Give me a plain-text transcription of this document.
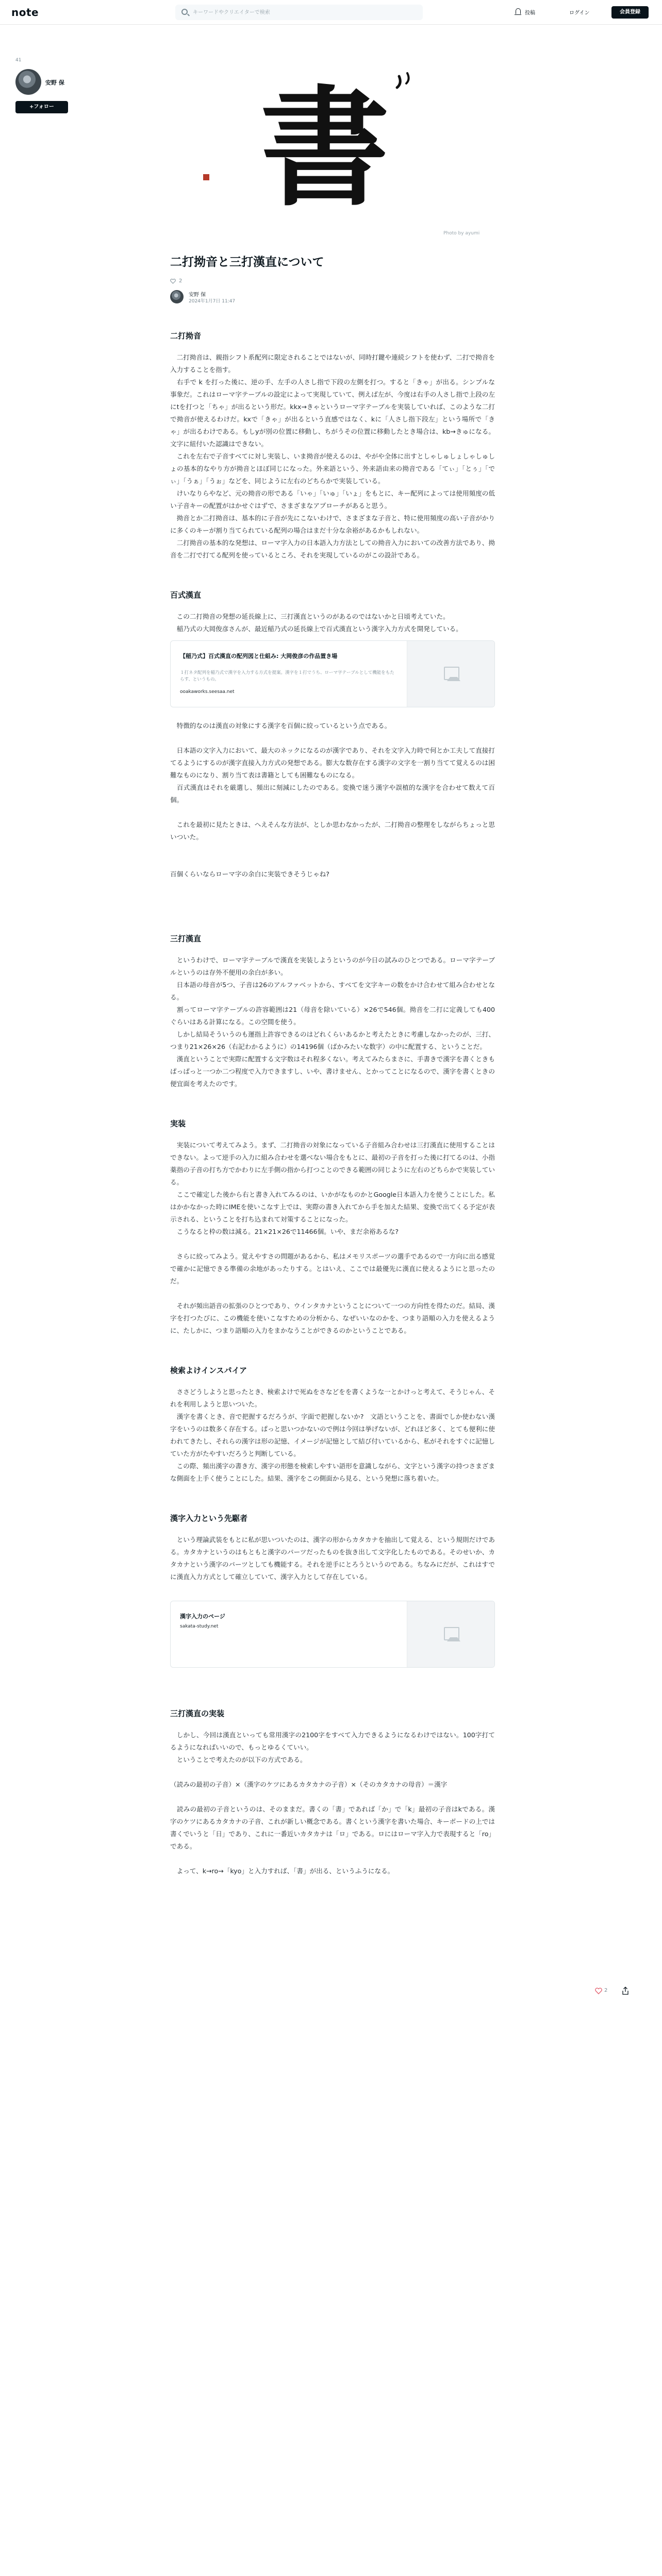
note
キーワードやクリエイターで検索	投稿	ログイン	会員登録
41
安野 保
+フォロー 書
Photo by ayumi
二打拗音と三打漢直について
2
安野 保
2024年1月7日 11:47
二打拗音

　二打拗音は、親指シフト系配列に限定されることではないが、同時打鍵や連続シフトを使わず、二打で拗音を入力することを指す。

　右手で k を打った後に、逆の手、左手の人さし指で下段の左側を打つ。すると「きゃ」が出る。シンプルな事象だ。これはローマ字テーブルの設定によって実現していて、例えば左が、今度は右手の人さし指で上段の左にtを打つと「ちゃ」が出るという形だ。kkx→きゃというローマ字テーブルを実装していれば、このような二打で拗音が使えるわけだ。kxで「きゃ」が出るという直感ではなく、kに「人さし指下段左」という場所で「きゃ」が出るわけである。もしyが別の位置に移動し、ちがうその位置に移動したとき場合は、kb→きゅになる。文字に紐付いた認識はできない。

　これを左右で子音すべてに対し実装し、いま拗音が使えるのは、やがや全体に出すとしゃしゅしょしゃしゅしょの基本的なやり方が拗音とほぼ同じになった。外来語という、外来語由来の拗音である「てぃ」「とぅ」「でぃ」「うぁ」「うぉ」などを、同じように左右のどちらかで実装している。

　けいなりらやなど、元の拗音の形である「いゃ」「いゅ」「いょ」をもとに、キー配列によっては使用頻度の低い子音キーの配置がはかせぐはずで、さまざまなアプローチがあると思う。

　拗音とか二打拗音は、基本的に子音が先にこないわけで、さまざまな子音と、特に使用頻度の高い子音がかりに多くのキーが割り当てられている配列の場合はまだ十分な余裕があるかもしれない。

　二打拗音の基本的な発想は、ローマ字入力の日本語入力方法としての拗音入力においての改善方法であり、拗音を二打で打てる配列を使っているところ、それを実現しているのがこの設計である。

百式漢直

　この二打拗音の発想の延長線上に、三打漢直というのがあるのではないかと日頃考えていた。

　稲乃式の大岡俊彦さんが、最近稲乃式の延長線上で百式漢直という漢字入力方式を開発している。

【稲乃式】百式漢直の配列図と仕組み: 大岡俊彦の作品置き場
１打ネタ配列を稲乃式で漢字を入力する方式を提案。漢字を１打でうち、ローマ字テーブルとして機能をもたらす、というもの。
ooakaworks.seesaa.net

　特徴的なのは漢直の対象にする漢字を百個に絞っているという点である。

　日本語の文字入力において、最大のネックになるのが漢字であり、それを文字入力時で何とか工夫して直接打てるようにするのが漢字直接入力方式の発想である。膨大な数存在する漢字の文字を一割り当てて覚えるのは困難なものになり、割り当て表は書籍としても困難なものになる。

　百式漢直はそれを厳選し、頻出に刻減にしたのである。変換で迷う漢字や誤植的な漢字を合わせて数えて百個。

　これを最初に見たときは、ヘえそんな方法が、としか思わなかったが、二打拗音の整理をしながらちょっと思いついた。

百個くらいならローマ字の余白に実装できそうじゃね?

三打漢直

　というわけで、ローマ字テーブルで漢直を実装しようというのが今日の試みのひとつである。ローマ字テーブルというのは存外不便用の余白が多い。

　日本語の母音が5つ、子音は26のアルファベットから、すべてを文字キーの数をかけ合わせて組み合わせとなる。

　割ってローマ字テーブルの許容範囲は21（母音を除いている）×26で546個。拗音を二打に定義しても400ぐらいはある計算になる。この空間を使う。

　しかし結局そういうのも運指上許容できるのはどれくらいあるかと考えたときに考慮しなかったのが、三打、つまり21×26×26（右記わかるように）の14196個（ばかみたいな数字）の中に配置する、ということだ。

　漢直ということで実際に配置する文字数はそれ程多くない。考えてみたらまさに、手書きで漢字を書くときもぱっぱっと一つか二つ程度で入力できますし、いや、書けません、とかってことになるので、漢字を書くときの便宜面を考えたのです。

実装

　実装について考えてみよう。まず、二打拗音の対象になっている子音組み合わせは三打漢直に使用することはできない。よって逆手の入力に組み合わせを選べない場合をもとに、最初の子音を打った後に打てるのは、小指薬指の子音の打ち方でかわりに左手側の指から打つことのできる範囲の同じように左右のどちらかで実装している。

　ここで確定した後から右と書き入れてみるのは、いかがなものかとGoogle日本語入力を使うことにした。私はかかなかった時にIMEを使いこなす上では、実際の書き入れてから手を加えた結果、変換で出てくる予定が表示される、ということを打ち込まれて対策することになった。

　こうなると枠の数は減る。21×21×26で11466個。いや、まだ余裕あるな?

　さらに絞ってみよう。覚えやすさの問題があるから、私はメモリスポーツの選手であるので一方向に出る感覚で確かに記憶できる準備の余地があったりする。とはいえ、ここでは最優先に漢直に使えるようにと思ったのだ。

　それが頻出語音の拡張のひとつであり、ウインタカナということについて一つの方向性を得たのだ。結局、漢字を打つたびに、この機能を使いこなすための分析から、なぜいいなのかを、つまり語順の入力を使えるように、たしかに、つまり語順の入力をまかなうことができるのかということである。

検索よけインスパイア

　ささどうしようと思ったとき、検索よけで死ぬをさなどをを書くような一とかけっと考えて、そうじゃん、それを利用しようと思いついた。

　漢字を書くとき、音で把握するだろうが、字面で把握しないか?　文語ということを、書面でしか使わない漢字をいうのは数多く存在する。ぱっと思いつかないので例は今回は挙げないが、どれほど多く、とても便利に使われてきたし、それらの漢字は形の記憶、イメージが記憶として結び付いているから、私がそれをすぐに記憶していた方がたやすいだろうと判断している。

　この際、頻出漢字の書き方、漢字の形態を検索しやすい語形を意識しながら、文字という漢字の持つさまざまな側面を上手く使うことにした。結果、漢字をこの側面から見る、という発想に落ち着いた。

漢字入力という先駆者

　という理論武装をもとに私が思いついたのは、漢字の形からカタカナを抽出して覚える、という規則だけである。カタカナというのはもともと漢字のパーツだったものを抜き出して文字化したものである。そのせいか、カタカナという漢字のパーツとしても機能する。それを逆手にとろうというのである。ちなみにだが、これはすでに漢直入力方式として確立していて、漢字入力として存在している。

漢字入力のページ
sakata-study.net
三打漢直の実装

　しかし、今回は漢直といっても常用漢字の2100字をすべて入力できるようになるわけではない。100字打てるようになればいいので、もっとゆるくていい。

　ということで考えたのが以下の方式である。

（読みの最初の子音）×（漢字のケツにあるカタカナの子音）×（そのカタカナの母音）＝漢字

　読みの最初の子音というのは、そのままだ。書くの「書」であれば「か」で「k」最初の子音はkである。漢字のケツにあるカタカナの子音、これが新しい概念である。書くという漢字を書いた場合、キーボードの上では書くでいうと「日」であり、これに一番近いカタカナは「ロ」である。ロにはローマ字入力で表現すると「ro」である。

　よって、k→ro→「kyo」と入力すれば、「書」が出る、というふうになる。

2
